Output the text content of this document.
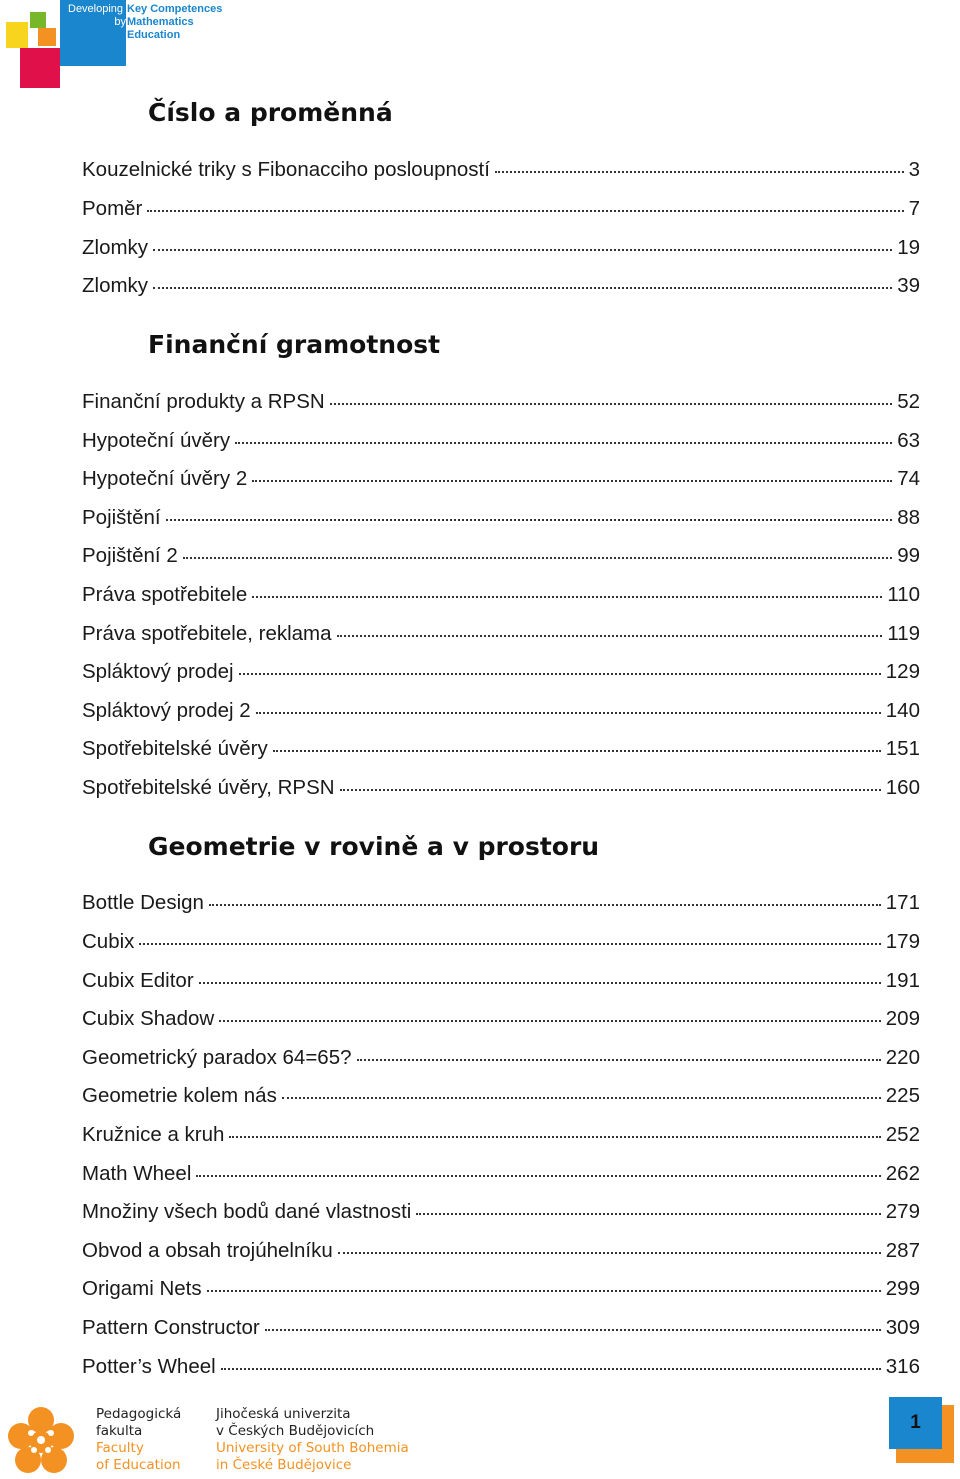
Developing
by
Key Competences
Mathematics
Education
Číslo a proměnná
Kouzelnické triky s Fibonacciho posloupností	3
Poměr	7
Zlomky	19
Zlomky	39
Finanční gramotnost
Finanční produkty a RPSN	52
Hypoteční úvěry	63
Hypoteční úvěry 2	74
Pojištění	88
Pojištění 2	99
Práva spotřebitele	110
Práva spotřebitele, reklama	119
Spláktový prodej	129
Spláktový prodej 2	140
Spotřebitelské úvěry	151
Spotřebitelské úvěry, RPSN	160
Geometrie v rovině a v prostoru
Bottle Design	171
Cubix	179
Cubix Editor	191
Cubix Shadow	209
Geometrický paradox 64=65?	220
Geometrie kolem nás	225
Kružnice a kruh	252
Math Wheel	262
Množiny všech bodů dané vlastnosti	279
Obvod a obsah trojúhelníku	287
Origami Nets	299
Pattern Constructor	309
Potter’s Wheel	316
Pedagogická
fakulta
Faculty
of Education
Jihočeská univerzita
v Českých Budějovicích
University of South Bohemia
in České Budějovice
1
